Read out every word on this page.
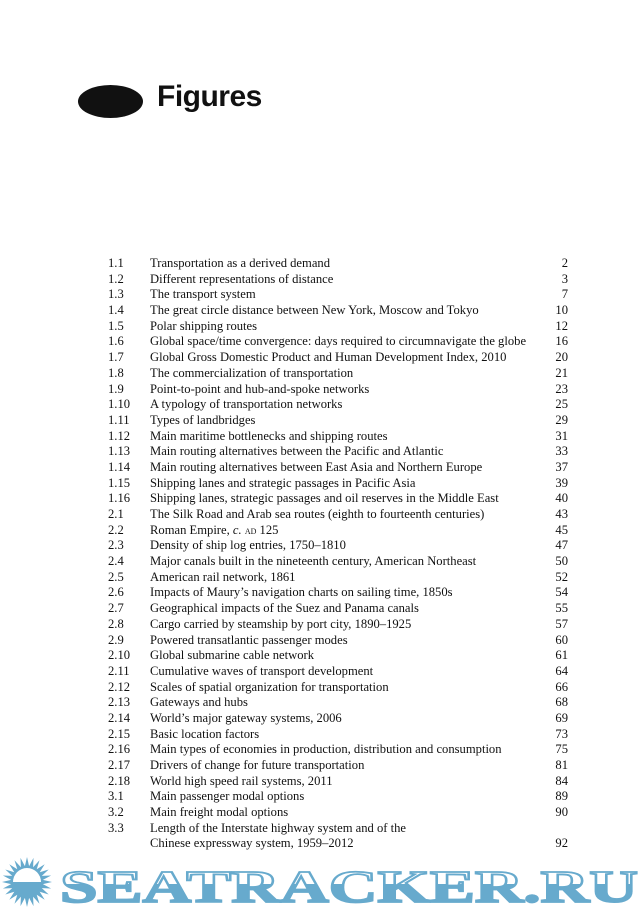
Figures
1.1 Transportation as a derived demand	2
1.2 Different representations of distance	3
1.3 The transport system	7
1.4 The great circle distance between New York, Moscow and Tokyo	10
1.5 Polar shipping routes	12
1.6 Global space/time convergence: days required to circumnavigate the globe 16
1.7 Global Gross Domestic Product and Human Development Index, 2010	20
1.8 The commercialization of transportation	21
1.9 Point-to-point and hub-and-spoke networks	23
1.10 A typology of transportation networks	25
1.11 Types of landbridges	29
1.12 Main maritime bottlenecks and shipping routes	31
1.13 Main routing alternatives between the Pacific and Atlantic	33
1.14 Main routing alternatives between East Asia and Northern Europe	37
1.15 Shipping lanes and strategic passages in Pacific Asia	39
1.16 Shipping lanes, strategic passages and oil reserves in the Middle East	40
2.1 The Silk Road and Arab sea routes (eighth to fourteenth centuries)	43
2.2 Roman Empire, c. ad 125	45
2.3 Density of ship log entries, 1750–1810	47
2.4 Major canals built in the nineteenth century, American Northeast	50
2.5 American rail network, 1861	52
2.6 Impacts of Maury’s navigation charts on sailing time, 1850s	54
2.7 Geographical impacts of the Suez and Panama canals	55
2.8 Cargo carried by steamship by port city, 1890–1925	57
2.9 Powered transatlantic passenger modes	60
2.10 Global submarine cable network	61
2.11 Cumulative waves of transport development	64
2.12 Scales of spatial organization for transportation	66
2.13 Gateways and hubs	68
2.14 World’s major gateway systems, 2006	69
2.15 Basic location factors	73
2.16 Main types of economies in production, distribution and consumption	75
2.17 Drivers of change for future transportation	81
2.18 World high speed rail systems, 2011	84
3.1 Main passenger modal options	89
3.2 Main freight modal options	90
3.3 Length of the Interstate highway system and of the
Chinese expressway system, 1959–2012	92
SEATRACKER.RU
